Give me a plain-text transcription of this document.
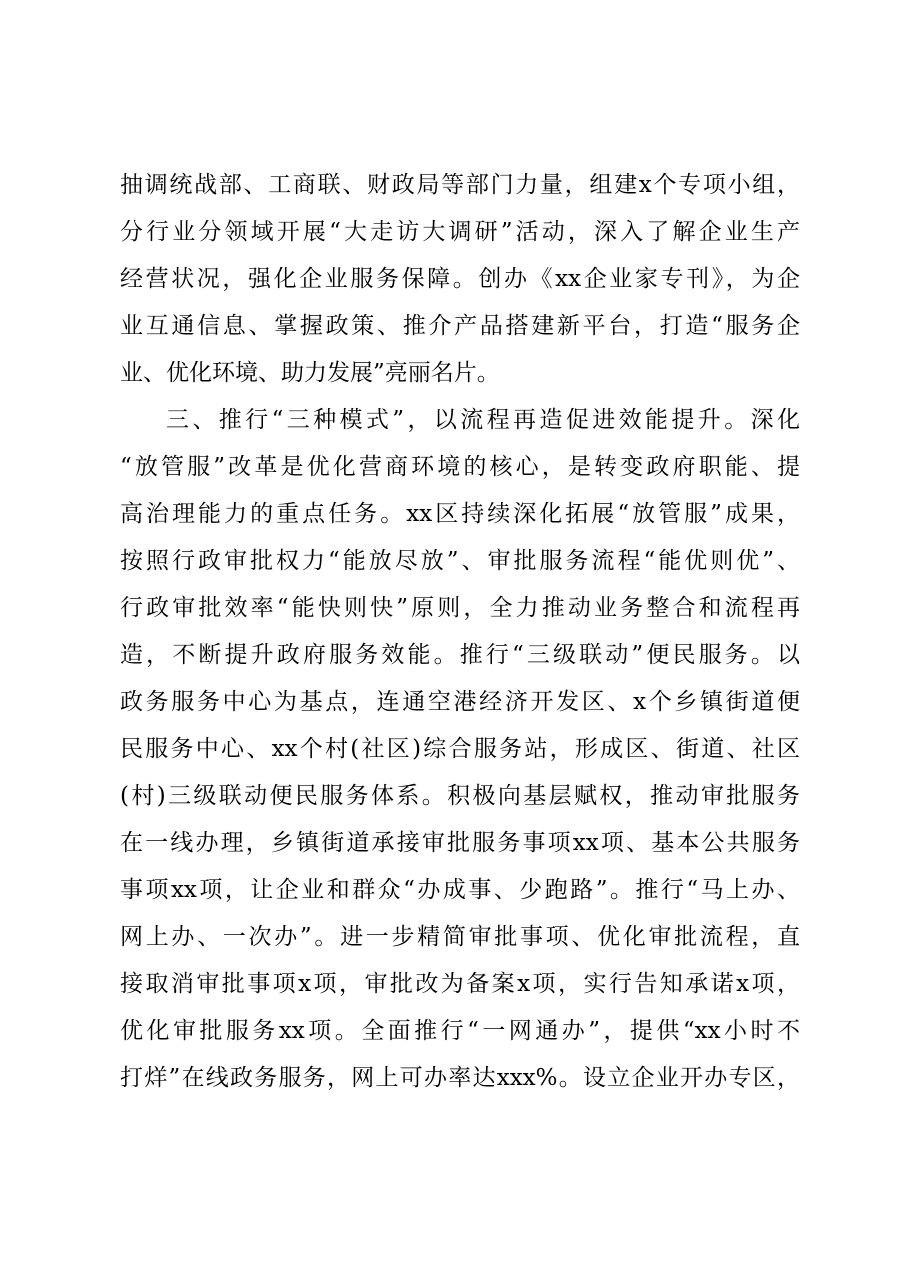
抽调统战部、工商联、财政局等部门力量，组建x个专项小组，
分行业分领域开展“大走访大调研”活动，深入了解企业生产
经营状况，强化企业服务保障。创办《xx企业家专刊》，为企
业互通信息、掌握政策、推介产品搭建新平台，打造“服务企
业、优化环境、助力发展”亮丽名片。
三、推行“三种模式”，以流程再造促进效能提升。深化
“放管服”改革是优化营商环境的核心，是转变政府职能、提
高治理能力的重点任务。xx区持续深化拓展“放管服”成果，
按照行政审批权力“能放尽放”、审批服务流程“能优则优”、
行政审批效率“能快则快”原则，全力推动业务整合和流程再
造，不断提升政府服务效能。推行“三级联动”便民服务。以
政务服务中心为基点，连通空港经济开发区、x个乡镇街道便
民服务中心、xx个村(社区)综合服务站，形成区、街道、社区
(村)三级联动便民服务体系。积极向基层赋权，推动审批服务
在一线办理，乡镇街道承接审批服务事项xx项、基本公共服务
事项xx项，让企业和群众“办成事、少跑路”。推行“马上办、
网上办、一次办”。进一步精简审批事项、优化审批流程，直
接取消审批事项x项，审批改为备案x项，实行告知承诺x项，
优化审批服务xx项。全面推行“一网通办”，提供“xx小时不
打烊”在线政务服务，网上可办率达xxx%。设立企业开办专区，
